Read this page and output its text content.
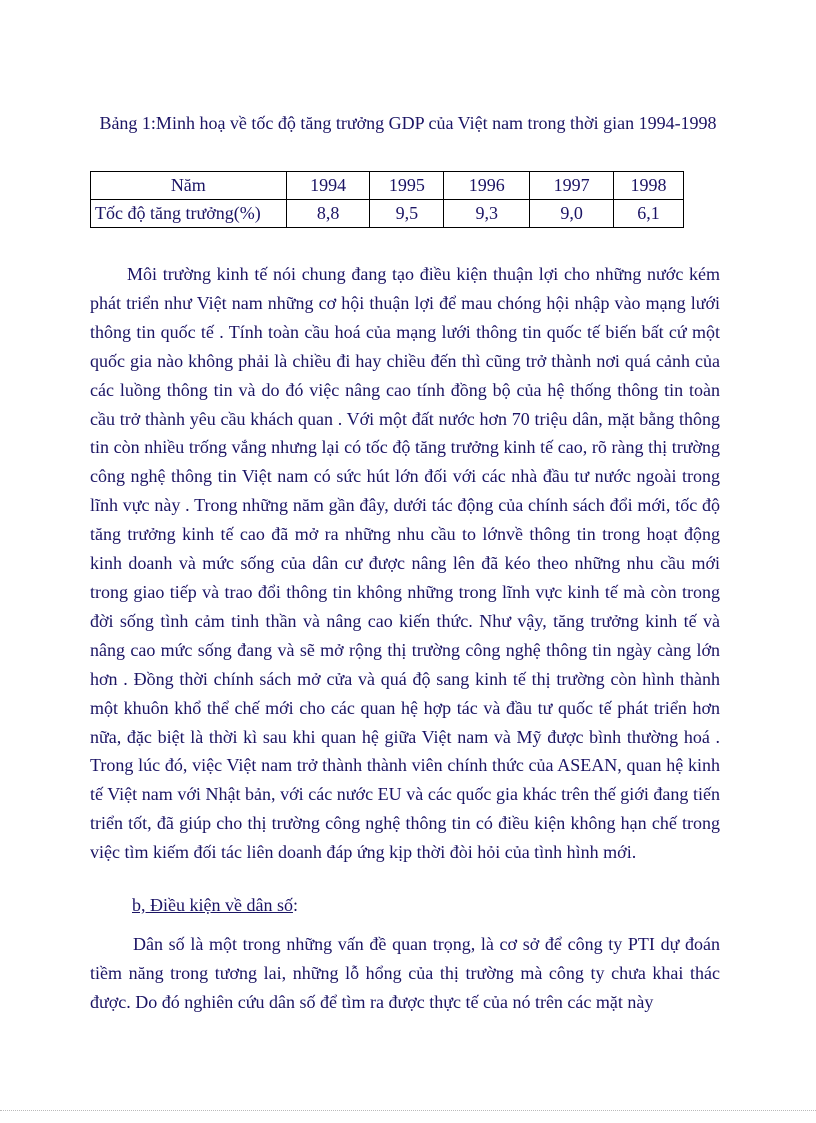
Bảng 1:Minh hoạ về tốc độ tăng trưởng GDP của Việt nam trong thời gian 1994-1998

Năm	1994	1995	1996	1997	1998
Tốc độ tăng trưởng(%)	8,8	9,5	9,3	9,0	6,1

Môi trường kinh tế nói chung đang tạo điều kiện thuận lợi cho những nước kém phát triển như Việt nam những cơ hội thuận lợi để mau chóng hội nhập vào mạng lưới thông tin quốc tế . Tính toàn cầu hoá của mạng lưới thông tin quốc tế biến bất cứ một quốc gia nào không phải là chiều đi hay chiều đến thì cũng trở thành nơi quá cảnh của các luồng thông tin và do đó việc nâng cao tính đồng bộ của hệ thống thông tin toàn cầu trở thành yêu cầu khách quan . Với một đất nước hơn 70 triệu dân, mặt bằng thông tin còn nhiều trống vắng nhưng lại có tốc độ tăng trưởng kinh tế cao, rõ ràng thị trường công nghệ thông tin Việt nam có sức hút lớn đối với các nhà đầu tư nước ngoài trong lĩnh vực này . Trong những năm gần đây, dưới tác động của chính sách đổi mới, tốc độ tăng trưởng kinh tế cao đã mở ra những nhu cầu to lớnvề thông tin trong hoạt động kinh doanh và mức sống của dân cư được nâng lên đã kéo theo những nhu cầu mới trong giao tiếp và trao đổi thông tin không những trong lĩnh vực kinh tế mà còn trong đời sống tình cảm tinh thần và nâng cao kiến thức. Như vậy, tăng trưởng kinh tế và nâng cao mức sống đang và sẽ mở rộng thị trường công nghệ thông tin ngày càng lớn hơn . Đồng thời chính sách mở cửa và quá độ sang kinh tế thị trường còn hình thành một khuôn khổ thể chế mới cho các quan hệ hợp tác và đầu tư quốc tế phát triển hơn nữa, đặc biệt là thời kì sau khi quan hệ giữa Việt nam và Mỹ được bình thường hoá . Trong lúc đó, việc Việt nam trở thành thành viên chính thức của ASEAN, quan hệ kinh tế Việt nam với Nhật bản, với các nước EU và các quốc gia khác trên thế giới đang tiến triển tốt, đã giúp cho thị trường công nghệ thông tin có điều kiện không hạn chế trong việc tìm kiếm đối tác liên doanh đáp ứng kịp thời đòi hỏi của tình hình mới.

b, Điều kiện về dân số:

Dân số là một trong những vấn đề quan trọng, là cơ sở để công ty PTI dự đoán tiềm năng trong tương lai, những lỗ hổng của thị trường mà công ty chưa khai thác được. Do đó nghiên cứu dân số để tìm ra được thực tế của nó trên các mặt này
